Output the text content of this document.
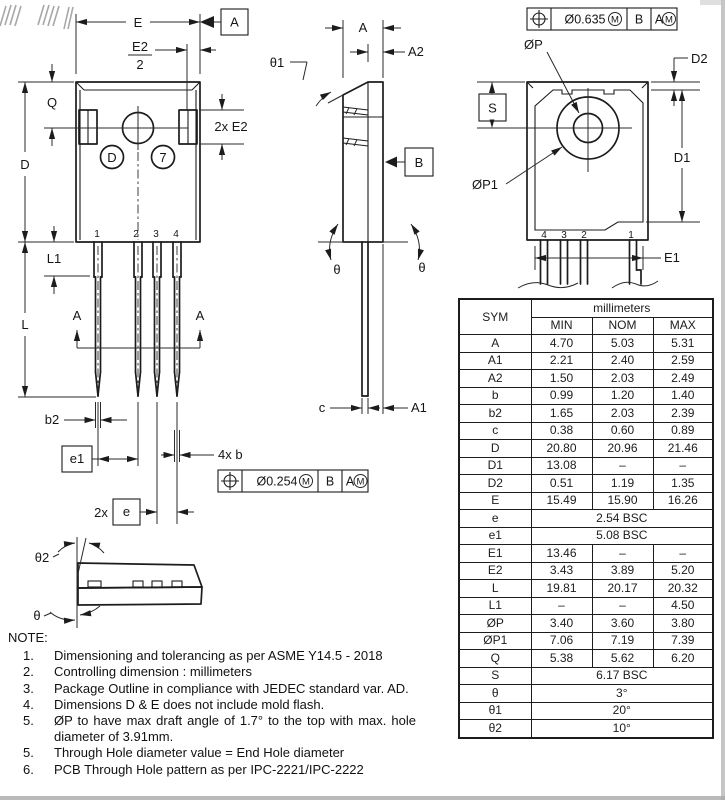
D	7
1	2 3 4
E	A
E2
2
Q
2x E2
D
L
L1
A	A
b2
e1
2x e
4x b
Ø0.254 M B A M
A
A2
θ1
B
θ	θ
c	A1
Ø0.635 M B A M
ØP
S
D2
D1
ØP1
4 3 2	1
E1
θ2
θ
SYM	millimeters		
	MIN	NOM	MAX
A	4.70	5.03	5.31
A1	2.21	2.40	2.59
A2	1.50	2.03	2.49
b	0.99	1.20	1.40
b2	1.65	2.03	2.39
c	0.38	0.60	0.89
D	20.80	20.96	21.46
D1	13.08	–	–
D2	0.51	1.19	1.35
E	15.49	15.90	16.26
e	2.54 BSC		
e1	5.08 BSC		
E1	13.46	–	–
E2	3.43	3.89	5.20
L	19.81	20.17	20.32
L1	–	–	4.50
ØP	3.40	3.60	3.80
ØP1	7.06	7.19	7.39
Q	5.38	5.62	6.20
S	6.17 BSC		
θ	3°		
θ1	20°		
θ2	10°		
NOTE:
1.	Dimensioning and tolerancing as per ASME Y14.5 - 2018
2.	Controlling dimension : millimeters
3.	Package Outline in compliance with JEDEC standard var. AD.
4.	Dimensions D & E does not include mold flash.
5.	ØP to have max draft angle of 1.7° to the top with max. hole diameter of 3.91mm.
5.	Through Hole diameter value = End Hole diameter
6.	PCB Through Hole pattern as per IPC-2221/IPC-2222
